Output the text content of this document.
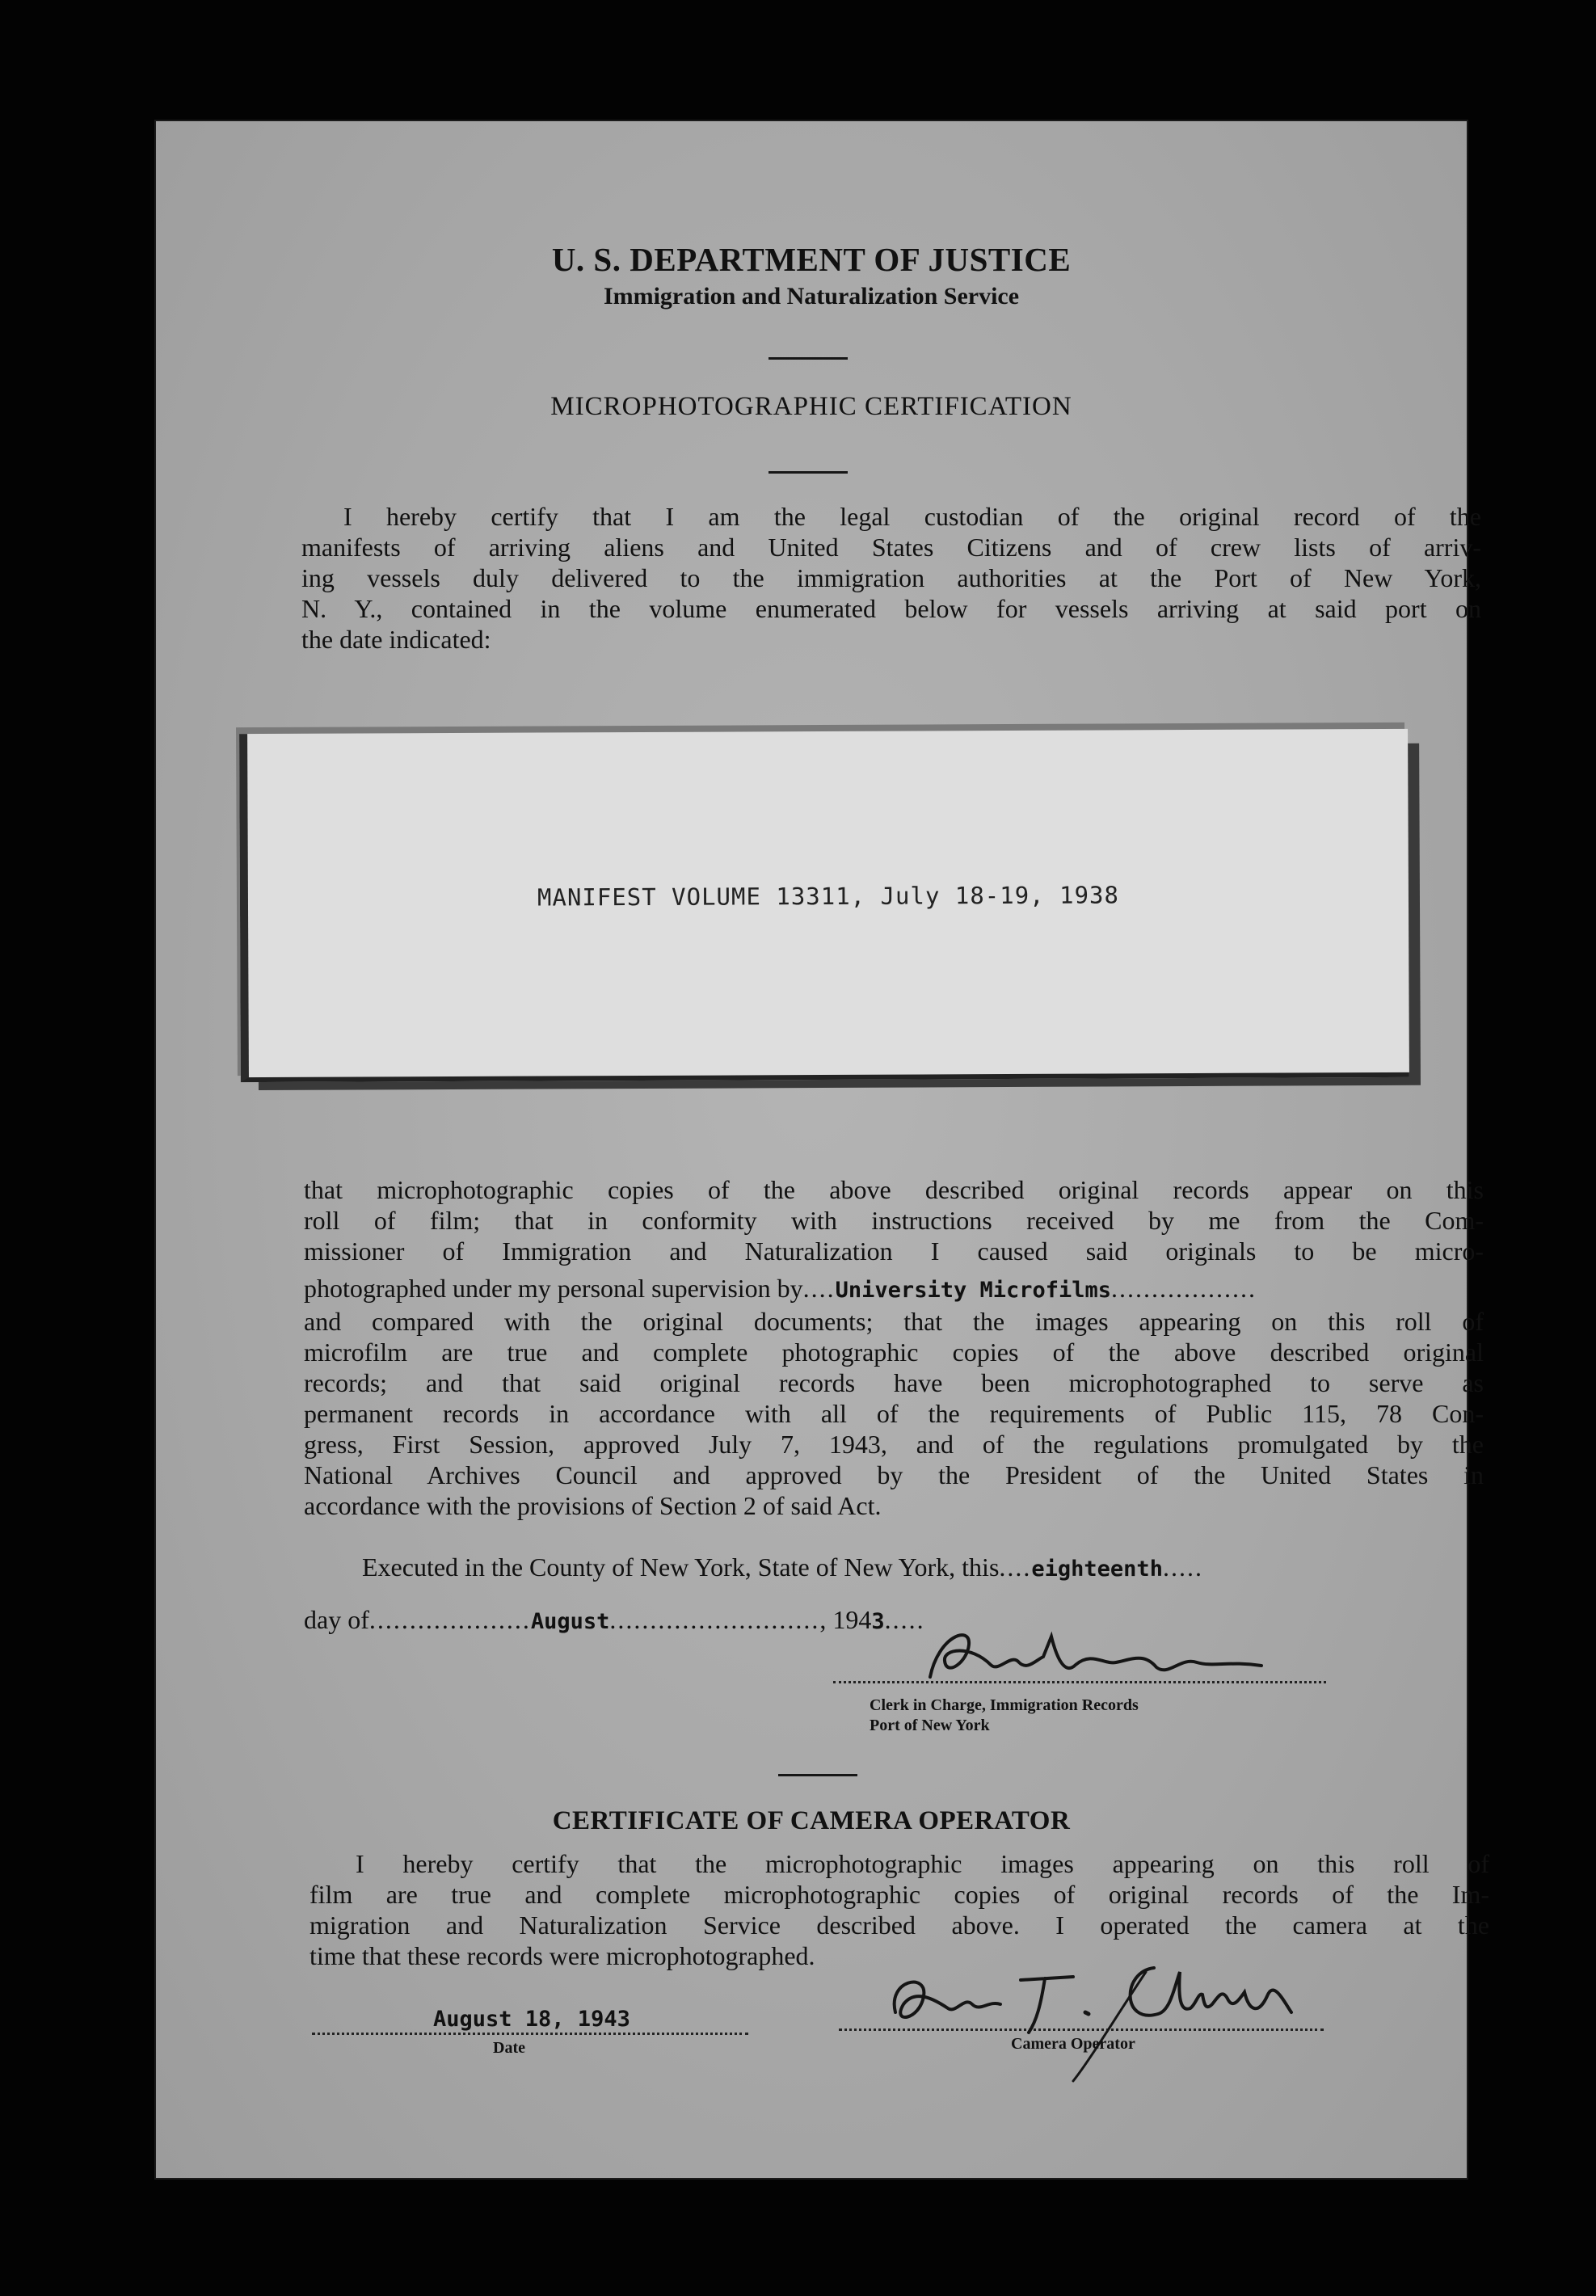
U. S. DEPARTMENT OF JUSTICE
Immigration and Naturalization Service
MICROPHOTOGRAPHIC CERTIFICATION
I hereby certify that I am the legal custodian of the original record of the
manifests of arriving aliens and United States Citizens and of crew lists of arriv-
ing vessels duly delivered to the immigration authorities at the Port of New York,
N. Y., contained in the volume enumerated below for vessels arriving at said port on
the date indicated:
MANIFEST VOLUME 13311, July 18-19, 1938
that microphotographic copies of the above described original records appear on this
roll of film; that in conformity with instructions received by me from the Com-
missioner of Immigration and Naturalization I caused said originals to be micro-
photographed under my personal supervision by....University Microfilms..................
and compared with the original documents; that the images appearing on this roll of
microfilm are true and complete photographic copies of the above described original
records; and that said original records have been microphotographed to serve as
permanent records in accordance with all of the requirements of Public 115, 78 Con-
gress, First Session, approved July 7, 1943, and of the regulations promulgated by the
National Archives Council and approved by the President of the United States in
accordance with the provisions of Section 2 of said Act.
Executed in the County of New York, State of New York, this....eighteenth.....
day of....................August.........................., 1943.....
Clerk in Charge, Immigration Records
Port of New York
CERTIFICATE OF CAMERA OPERATOR
I hereby certify that the microphotographic images appearing on this roll of
film are true and complete microphotographic copies of original records of the Im-
migration and Naturalization Service described above. I operated the camera at the
time that these records were microphotographed.
August 18, 1943
Date	Camera Operator
